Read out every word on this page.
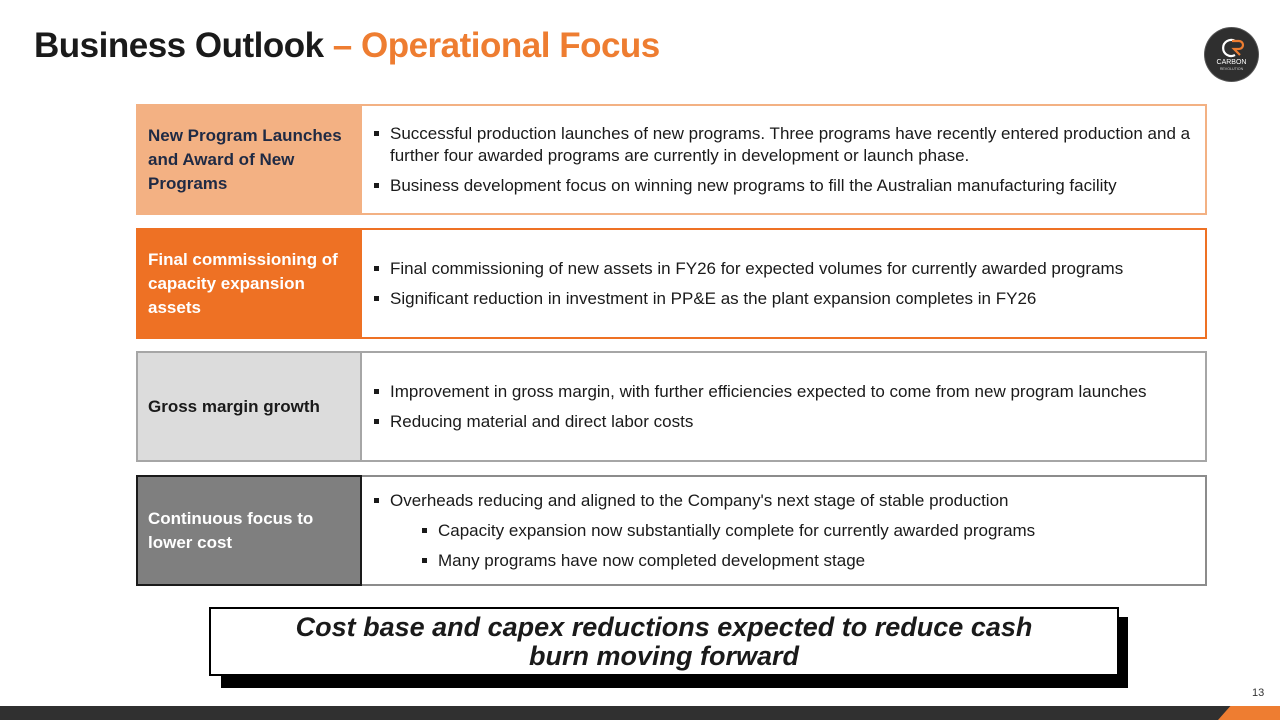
Business Outlook – Operational Focus	CARBON
REVOLUTION
New Program Launches and Award of New Programs
Successful production launches of new programs. Three programs have recently entered production and a further four awarded programs are currently in development or launch phase.
Business development focus on winning new programs to fill the Australian manufacturing facility
Final commissioning of capacity expansion assets
Final commissioning of new assets in FY26 for expected volumes for currently awarded programs
Significant reduction in investment in PP&E as the plant expansion completes in FY26
Gross margin growth
Improvement in gross margin, with further efficiencies expected to come from new program launches
Reducing material and direct labor costs
Continuous focus to lower cost
Overheads reducing and aligned to the Company's next stage of stable production
Capacity expansion now substantially complete for currently awarded programs
Many programs have now completed development stage
Cost base and capex reductions expected to reduce cash burn moving forward
13
